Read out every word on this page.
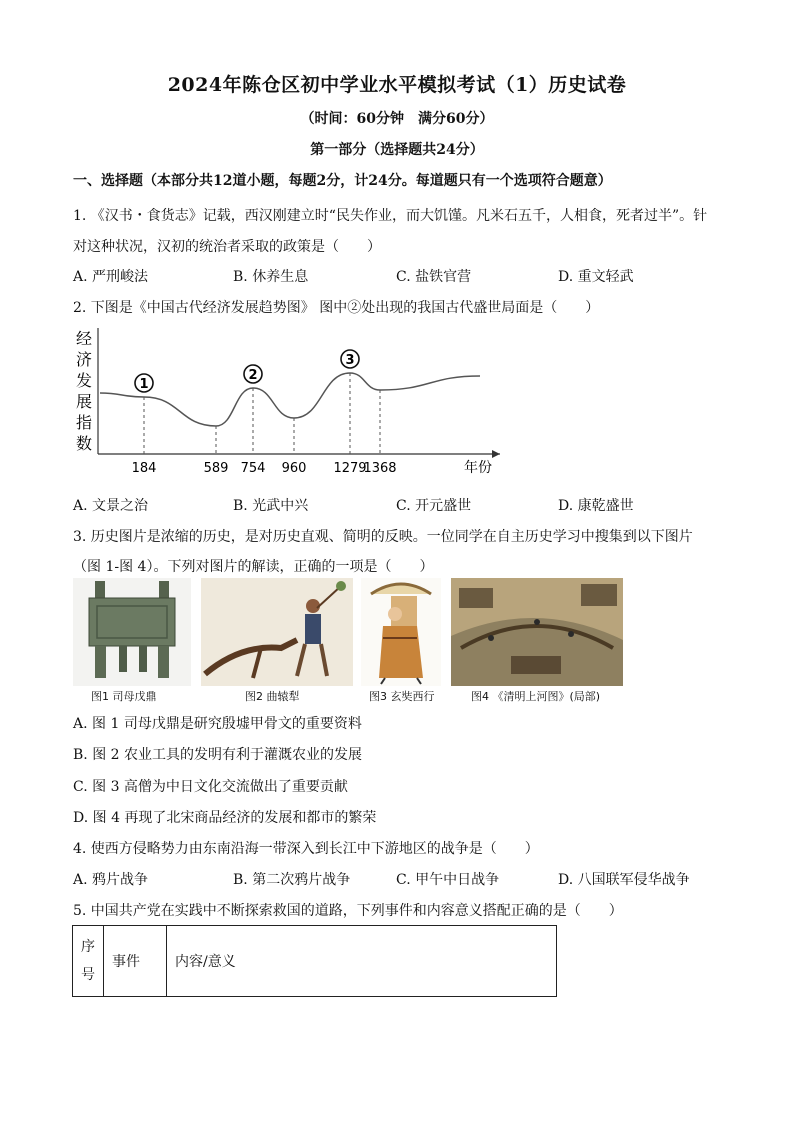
2024年陈仓区初中学业水平模拟考试（1）历史试卷
（时间：60分钟　满分60分）
第一部分（选择题共24分）
一、选择题（本部分共12道小题，每题2分，计24分。每道题只有一个选项符合题意）
1. 《汉书・食货志》记载，西汉刚建立时“民失作业，而大饥馑。凡米石五千，人相食，死者过半”。针
对这种状况，汉初的统治者采取的政策是（　　）
A. 严刑峻法	B. 休养生息	C. 盐铁官营	D. 重文轻武
2. 下图是《中国古代经济发展趋势图》 图中②处出现的我国古代盛世局面是（　　）
经
济
发
展
指
数
184	589 754 960 1279
1368
1
2
3
年份
A. 文景之治	B. 光武中兴	C. 开元盛世	D. 康乾盛世
3. 历史图片是浓缩的历史，是对历史直观、简明的反映。一位同学在自主历史学习中搜集到以下图片
（图 1-图 4）。下列对图片的解读，正确的一项是（　　）
图1 司母戊鼎	图2 曲辕犁	图3 玄奘西行	图4 《清明上河图》(局部)
A. 图 1 司母戊鼎是研究殷墟甲骨文的重要资料
B. 图 2 农业工具的发明有利于灌溉农业的发展
C. 图 3 高僧为中日文化交流做出了重要贡献
D. 图 4 再现了北宋商品经济的发展和都市的繁荣
4. 使西方侵略势力由东南沿海一带深入到长江中下游地区的战争是（　　）
A. 鸦片战争	B. 第二次鸦片战争	C. 甲午中日战争	D. 八国联军侵华战争
5. 中国共产党在实践中不断探索救国的道路，下列事件和内容意义搭配正确的是（　　）
序
号
	事件	内容/意义
